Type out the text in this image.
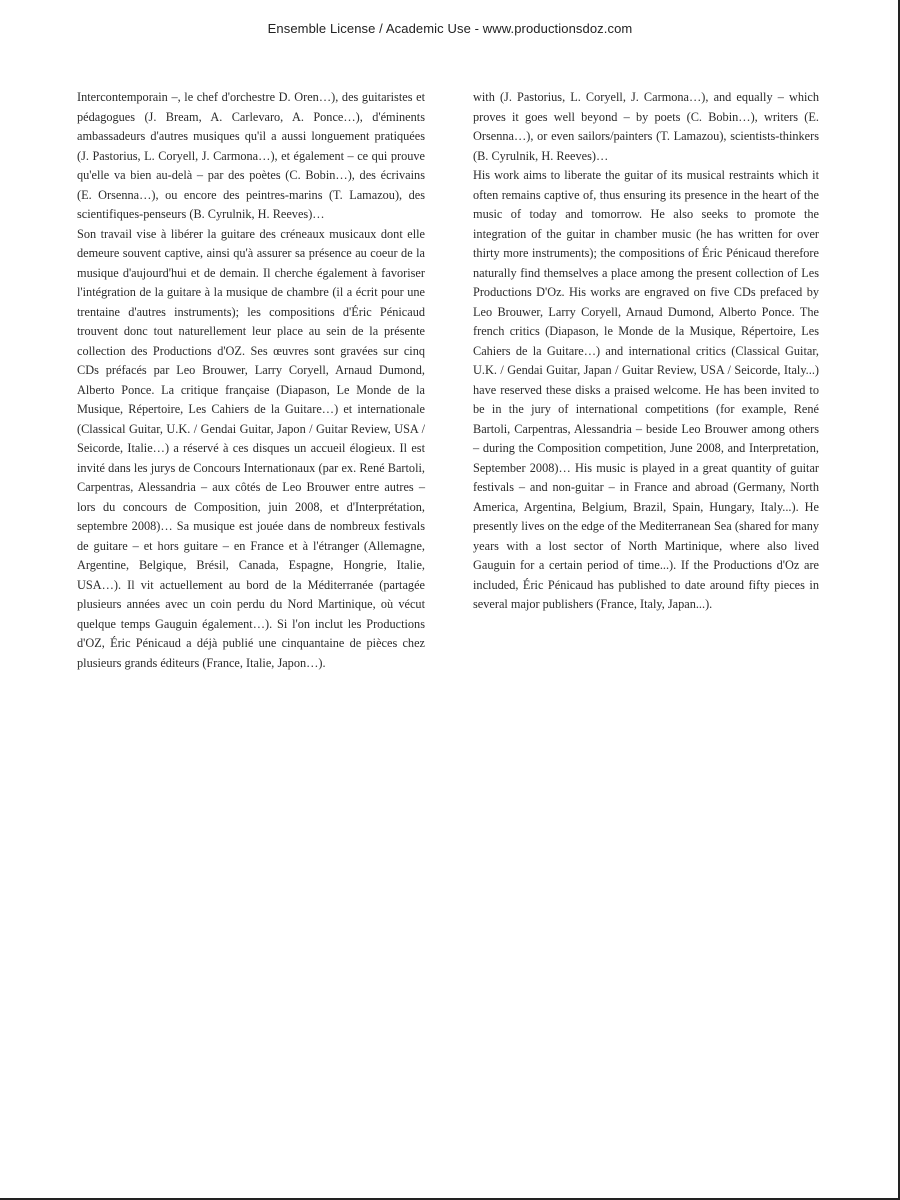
Ensemble License / Academic Use - www.productionsdoz.com

Intercontemporain –, le chef d'orchestre D. Oren…), des guitaristes et pédagogues (J. Bream, A. Carlevaro, A. Ponce…), d'éminents ambassadeurs d'autres musiques qu'il a aussi longuement pratiquées (J. Pastorius, L. Coryell, J. Carmona…), et également – ce qui prouve qu'elle va bien au-delà – par des poètes (C. Bobin…), des écrivains (E. Orsenna…), ou encore des peintres-marins (T. Lamazou), des scientifiques-penseurs (B. Cyrulnik, H. Reeves)…

Son travail vise à libérer la guitare des créneaux musicaux dont elle demeure souvent captive, ainsi qu'à assurer sa présence au coeur de la musique d'aujourd'hui et de demain. Il cherche également à favoriser l'intégration de la guitare à la musique de chambre (il a écrit pour une trentaine d'autres instruments); les compositions d'Éric Pénicaud trouvent donc tout naturellement leur place au sein de la présente collection des Productions d'OZ. Ses œuvres sont gravées sur cinq CDs préfacés par Leo Brouwer, Larry Coryell, Arnaud Dumond, Alberto Ponce. La critique française (Diapason, Le Monde de la Musique, Répertoire, Les Cahiers de la Guitare…) et internationale (Classical Guitar, U.K. / Gendai Guitar, Japon / Guitar Review, USA / Seicorde, Italie…) a réservé à ces disques un accueil élogieux. Il est invité dans les jurys de Concours Internationaux (par ex. René Bartoli, Carpentras, Alessandria – aux côtés de Leo Brouwer entre autres – lors du concours de Composition, juin 2008, et d'Interprétation, septembre 2008)… Sa musique est jouée dans de nombreux festivals de guitare – et hors guitare – en France et à l'étranger (Allemagne, Argentine, Belgique, Brésil, Canada, Espagne, Hongrie, Italie, USA…). Il vit actuellement au bord de la Méditerranée (partagée plusieurs années avec un coin perdu du Nord Martinique, où vécut quelque temps Gauguin également…). Si l'on inclut les Productions d'OZ, Éric Pénicaud a déjà publié une cinquantaine de pièces chez plusieurs grands éditeurs (France, Italie, Japon…).

with (J. Pastorius, L. Coryell, J. Carmona…), and equally – which proves it goes well beyond – by poets (C. Bobin…), writers (E. Orsenna…), or even sailors/painters (T. Lamazou), scientists-thinkers (B. Cyrulnik, H. Reeves)…

His work aims to liberate the guitar of its musical restraints which it often remains captive of, thus ensuring its presence in the heart of the music of today and tomorrow. He also seeks to promote the integration of the guitar in chamber music (he has written for over thirty more instruments); the compositions of Éric Pénicaud therefore naturally find themselves a place among the present collection of Les Productions D'Oz. His works are engraved on five CDs prefaced by Leo Brouwer, Larry Coryell, Arnaud Dumond, Alberto Ponce. The french critics (Diapason, le Monde de la Musique, Répertoire, Les Cahiers de la Guitare…) and international critics (Classical Guitar, U.K. / Gendai Guitar, Japan / Guitar Review, USA / Seicorde, Italy...) have reserved these disks a praised welcome. He has been invited to be in the jury of international competitions (for example, René Bartoli, Carpentras, Alessandria – beside Leo Brouwer among others – during the Composition competition, June 2008, and Interpretation, September 2008)… His music is played in a great quantity of guitar festivals – and non-guitar – in France and abroad (Germany, North America, Argentina, Belgium, Brazil, Spain, Hungary, Italy...). He presently lives on the edge of the Mediterranean Sea (shared for many years with a lost sector of North Martinique, where also lived Gauguin for a certain period of time...). If the Productions d'Oz are included, Éric Pénicaud has published to date around fifty pieces in several major publishers (France, Italy, Japan...).
